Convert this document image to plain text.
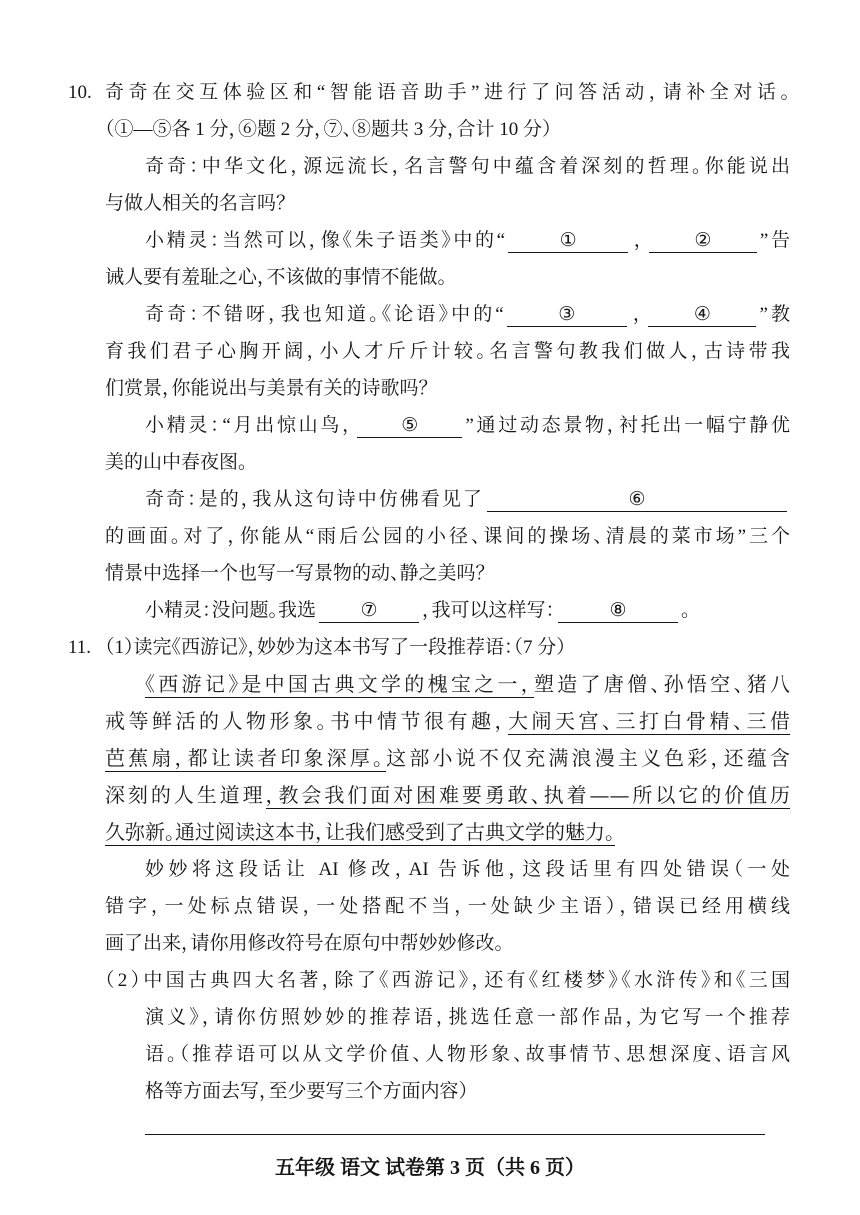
10. 奇奇在交互体验区和“智能语音助手”进行了问答活动，请补全对话。
（①—⑤各 1 分，⑥题 2 分，⑦、⑧题共 3 分，合计 10 分）
奇奇：中华文化，源远流长，名言警句中蕴含着深刻的哲理。你能说出
与做人相关的名言吗？
小精灵：当然可以，像《朱子语类》中的“	①	，	②	”告
诫人要有羞耻之心，不该做的事情不能做。
奇奇：不错呀，我也知道。《论语》中的“	③	，	④	”教
育我们君子心胸开阔，小人才斤斤计较。名言警句教我们做人，古诗带我
们赏景，你能说出与美景有关的诗歌吗？
小精灵：“月出惊山鸟， ⑤ ”通过动态景物，衬托出一幅宁静优
美的山中春夜图。
奇奇：是的，我从这句诗中仿佛看见了	⑥
的画面。对了，你能从“雨后公园的小径、课间的操场、清晨的菜市场”三个
情景中选择一个也写一写景物的动、静之美吗？
小精灵：没问题。我选 ⑦ ，我可以这样写：	⑧	。
11. （1）读完《西游记》，妙妙为这本书写了一段推荐语：（7 分）
《西游记》是中国古典文学的槐宝之一，塑造了唐僧、孙悟空、猪八
戒等鲜活的人物形象。书中情节很有趣，大闹天宫、三打白骨精、三借
芭蕉扇，都让读者印象深厚。这部小说不仅充满浪漫主义色彩，还蕴含
深刻的人生道理，教会我们面对困难要勇敢、执着——所以它的价值历
久弥新。通过阅读这本书，让我们感受到了古典文学的魅力。
妙妙将这段话让 AI 修改，AI 告诉他，这段话里有四处错误（一处
错字，一处标点错误，一处搭配不当，一处缺少主语），错误已经用横线
画了出来，请你用修改符号在原句中帮妙妙修改。
（2）中国古典四大名著，除了《西游记》，还有《红楼梦》《水浒传》和《三国
演义》，请你仿照妙妙的推荐语，挑选任意一部作品，为它写一个推荐
语。（推荐语可以从文学价值、人物形象、故事情节、思想深度、语言风
格等方面去写，至少要写三个方面内容）
五年级 语文 试卷第 3 页（共 6 页）
